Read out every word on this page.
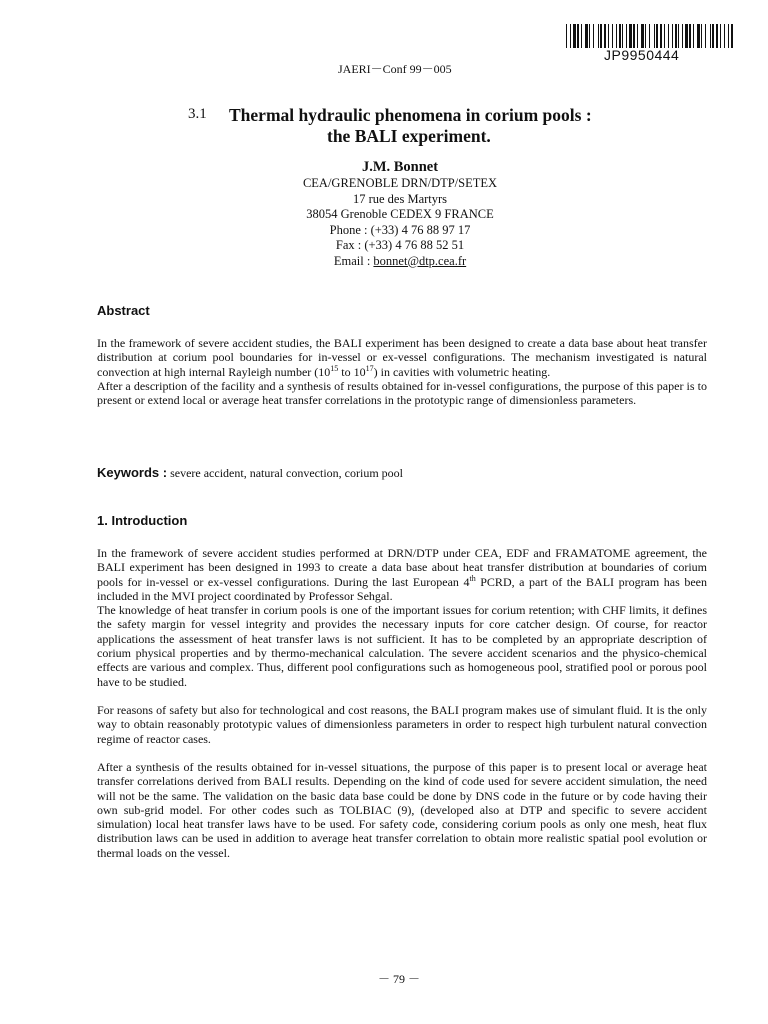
JP9950444
JAERI－Conf 99－005
3.1 Thermal hydraulic phenomena in corium pools :
the BALI experiment.
J.M. Bonnet
CEA/GRENOBLE DRN/DTP/SETEX
17 rue des Martyrs
38054 Grenoble CEDEX 9 FRANCE
Phone : (+33) 4 76 88 97 17
Fax : (+33) 4 76 88 52 51
Email : bonnet@dtp.cea.fr
Abstract

In the framework of severe accident studies, the BALI experiment has been designed to create a data base about heat transfer distribution at corium pool boundaries for in-vessel or ex-vessel configurations. The mechanism investigated is natural convection at high internal Rayleigh number ($10^{15}$ to $10^{17}$) in cavities with volumetric heating.

After a description of the facility and a synthesis of results obtained for in-vessel configurations, the purpose of this paper is to present or extend local or average heat transfer correlations in the prototypic range of dimensionless parameters.

Keywords : severe accident, natural convection, corium pool
1. Introduction

In the framework of severe accident studies performed at DRN/DTP under CEA, EDF and FRAMATOME agreement, the BALI experiment has been designed in 1993 to create a data base about heat transfer distribution at boundaries of corium pools for in-vessel or ex-vessel configurations. During the last European 4th PCRD, a part of the BALI program has been included in the MVI project coordinated by Professor Sehgal.

The knowledge of heat transfer in corium pools is one of the important issues for corium retention; with CHF limits, it defines the safety margin for vessel integrity and provides the necessary inputs for core catcher design. Of course, for reactor applications the assessment of heat transfer laws is not sufficient. It has to be completed by an appropriate description of corium physical properties and by thermo-mechanical calculation. The severe accident scenarios and the physico-chemical effects are various and complex. Thus, different pool configurations such as homogeneous pool, stratified pool or porous pool have to be studied.

For reasons of safety but also for technological and cost reasons, the BALI program makes use of simulant fluid. It is the only way to obtain reasonably prototypic values of dimensionless parameters in order to respect high turbulent natural convection regime of reactor cases.
After a synthesis of the results obtained for in-vessel situations, the purpose of this paper is to present local or average heat transfer correlations derived from BALI results. Depending on the kind of code used for severe accident simulation, the need will not be the same. The validation on the basic data base could be done by DNS code in the future or by code having their own sub-grid model. For other codes such as TOLBIAC (9), (developed also at DTP and specific to severe accident simulation) local heat transfer laws have to be used. For safety code, considering corium pools as only one mesh, heat flux distribution laws can be used in addition to average heat transfer correlation to obtain more realistic spatial pool evolution or thermal loads on the vessel.
－ 79 －
